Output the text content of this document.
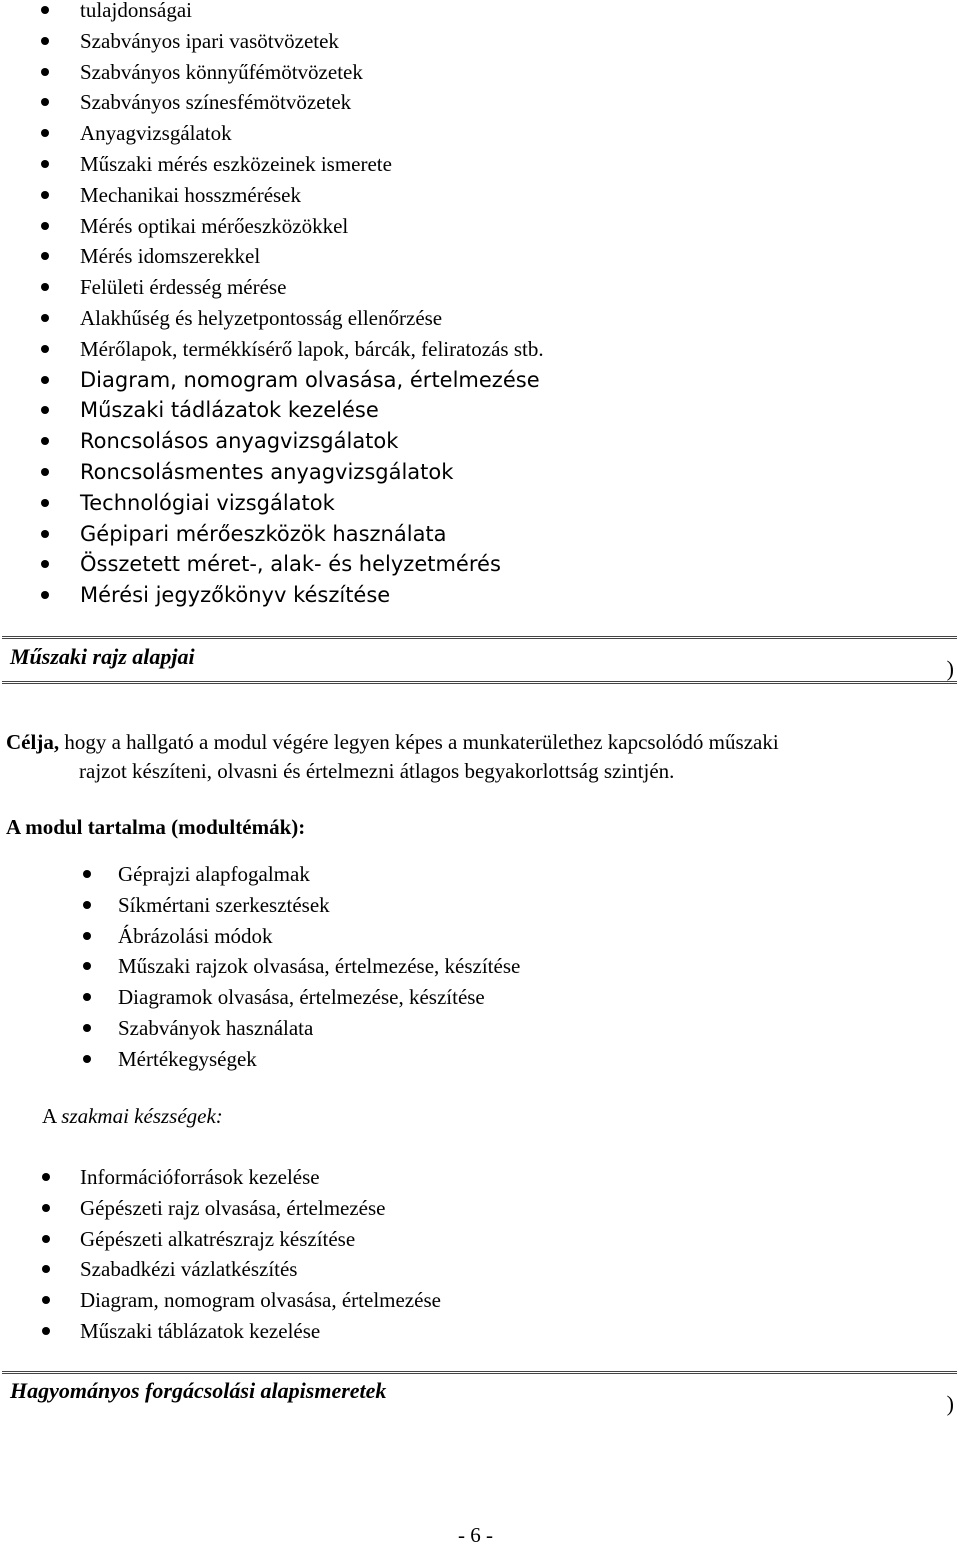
tulajdonságai
Szabványos ipari vasötvözetek
Szabványos könnyűfémötvözetek
Szabványos színesfémötvözetek
Anyagvizsgálatok
Műszaki mérés eszközeinek ismerete
Mechanikai hosszmérések
Mérés optikai mérőeszközökkel
Mérés idomszerekkel
Felületi érdesség mérése
Alakhűség és helyzetpontosság ellenőrzése
Mérőlapok, termékkísérő lapok, bárcák, feliratozás stb.
Diagram, nomogram olvasása, értelmezése
Műszaki tádlázatok kezelése
Roncsolásos anyagvizsgálatok
Roncsolásmentes anyagvizsgálatok
Technológiai vizsgálatok
Gépipari mérőeszközök használata
Összetett méret-, alak- és helyzetmérés
Mérési jegyzőkönyv készítése
Műszaki rajz alapjai	)
Célja, hogy a hallgató a modul végére legyen képes a munkaterülethez kapcsolódó műszaki
rajzot készíteni, olvasni és értelmezni átlagos begyakorlottság szintjén.
A modul tartalma (modultémák):
Géprajzi alapfogalmak
Síkmértani szerkesztések
Ábrázolási módok
Műszaki rajzok olvasása, értelmezése, készítése
Diagramok olvasása, értelmezése, készítése
Szabványok használata
Mértékegységek
A szakmai készségek:
Információforrások kezelése
Gépészeti rajz olvasása, értelmezése
Gépészeti alkatrészrajz készítése
Szabadkézi vázlatkészítés
Diagram, nomogram olvasása, értelmezése
Műszaki táblázatok kezelése
Hagyományos forgácsolási alapismeretek
)
- 6 -
